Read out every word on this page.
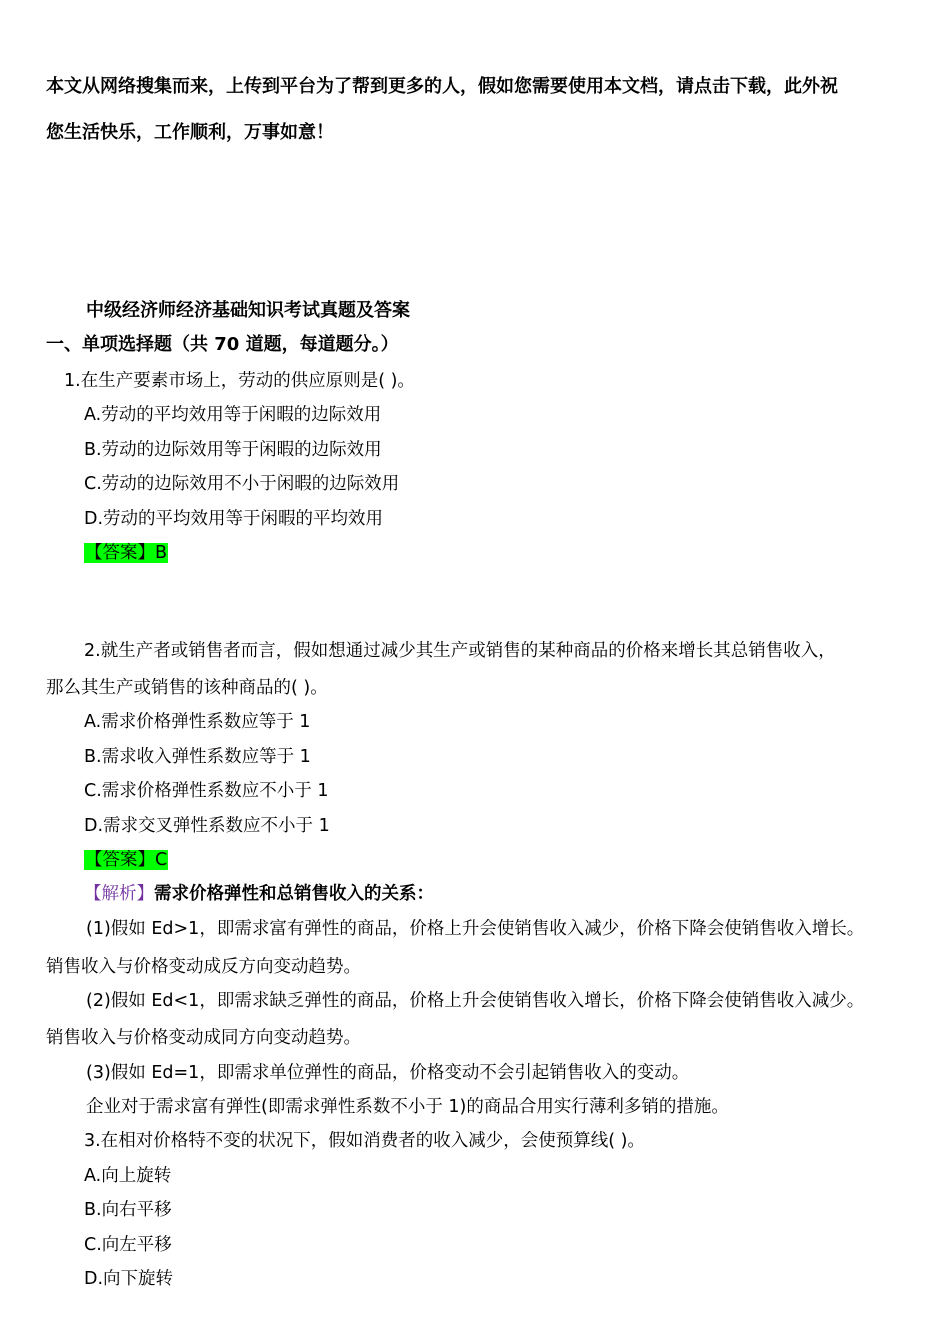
本文从网络搜集而来，上传到平台为了帮到更多的人，假如您需要使用本文档，请点击下载，此外祝
您生活快乐，工作顺利，万事如意！
中级经济师经济基础知识考试真题及答案
一、单项选择题（共 70 道题，每道题分。）
1.在生产要素市场上，劳动的供应原则是( )。
A.劳动的平均效用等于闲暇的边际效用
B.劳动的边际效用等于闲暇的边际效用
C.劳动的边际效用不小于闲暇的边际效用
D.劳动的平均效用等于闲暇的平均效用
【答案】B
2.就生产者或销售者而言，假如想通过减少其生产或销售的某种商品的价格来增长其总销售收入，
那么其生产或销售的该种商品的( )。
A.需求价格弹性系数应等于 1
B.需求收入弹性系数应等于 1
C.需求价格弹性系数应不小于 1
D.需求交叉弹性系数应不小于 1
【答案】C
【解析】需求价格弹性和总销售收入的关系：
(1)假如 Ed>1，即需求富有弹性的商品，价格上升会使销售收入减少，价格下降会使销售收入增长。
销售收入与价格变动成反方向变动趋势。
(2)假如 Ed<1，即需求缺乏弹性的商品，价格上升会使销售收入增长，价格下降会使销售收入减少。
销售收入与价格变动成同方向变动趋势。
(3)假如 Ed=1，即需求单位弹性的商品，价格变动不会引起销售收入的变动。
企业对于需求富有弹性(即需求弹性系数不小于 1)的商品合用实行薄利多销的措施。
3.在相对价格特不变的状况下，假如消费者的收入减少，会使预算线( )。
A.向上旋转
B.向右平移
C.向左平移
D.向下旋转
